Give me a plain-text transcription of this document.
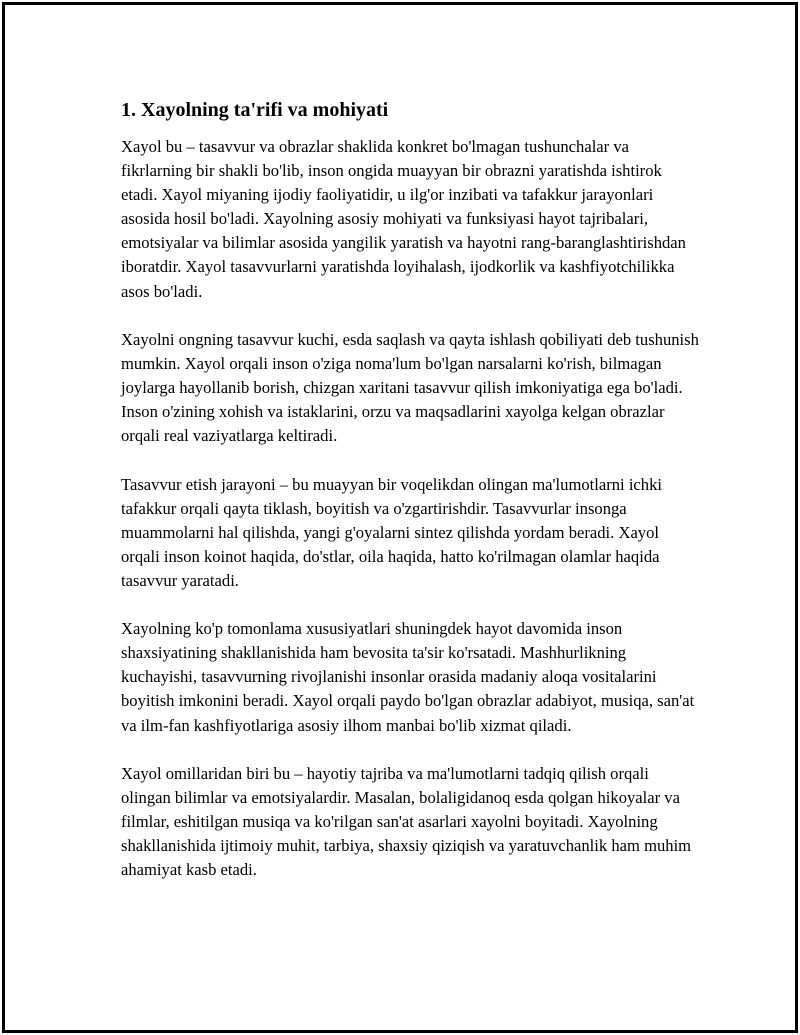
1. Xayolning ta'rifi va mohiyati

Xayol bu – tasavvur va obrazlar shaklida konkret bo'lmagan tushunchalar va fikrlarning bir shakli bo'lib, inson ongida muayyan bir obrazni yaratishda ishtirok etadi. Xayol miyaning ijodiy faoliyatidir, u ilg'or inzibati va tafakkur jarayonlari asosida hosil bo'ladi. Xayolning asosiy mohiyati va funksiyasi hayot tajribalari, emotsiyalar va bilimlar asosida yangilik yaratish va hayotni rang-baranglashtirishdan iboratdir. Xayol tasavvurlarni yaratishda loyihalash, ijodkorlik va kashfiyotchilikka asos bo'ladi.

Xayolni ongning tasavvur kuchi, esda saqlash va qayta ishlash qobiliyati deb tushunish mumkin. Xayol orqali inson o'ziga noma'lum bo'lgan narsalarni ko'rish, bilmagan joylarga hayollanib borish, chizgan xaritani tasavvur qilish imkoniyatiga ega bo'ladi. Inson o'zining xohish va istaklarini, orzu va maqsadlarini xayolga kelgan obrazlar orqali real vaziyatlarga keltiradi.

Tasavvur etish jarayoni – bu muayyan bir voqelikdan olingan ma'lumotlarni ichki tafakkur orqali qayta tiklash, boyitish va o'zgartirishdir. Tasavvurlar insonga muammolarni hal qilishda, yangi g'oyalarni sintez qilishda yordam beradi. Xayol orqali inson koinot haqida, do'stlar, oila haqida, hatto ko'rilmagan olamlar haqida tasavvur yaratadi.

Xayolning ko'p tomonlama xususiyatlari shuningdek hayot davomida inson shaxsiyatining shakllanishida ham bevosita ta'sir ko'rsatadi. Mashhurlikning kuchayishi, tasavvurning rivojlanishi insonlar orasida madaniy aloqa vositalarini boyitish imkonini beradi. Xayol orqali paydo bo'lgan obrazlar adabiyot, musiqa, san'at va ilm-fan kashfiyotlariga asosiy ilhom manbai bo'lib xizmat qiladi.

Xayol omillaridan biri bu – hayotiy tajriba va ma'lumotlarni tadqiq qilish orqali olingan bilimlar va emotsiyalardir. Masalan, bolaligidanoq esda qolgan hikoyalar va filmlar, eshitilgan musiqa va ko'rilgan san'at asarlari xayolni boyitadi. Xayolning shakllanishida ijtimoiy muhit, tarbiya, shaxsiy qiziqish va yaratuvchanlik ham muhim ahamiyat kasb etadi.
